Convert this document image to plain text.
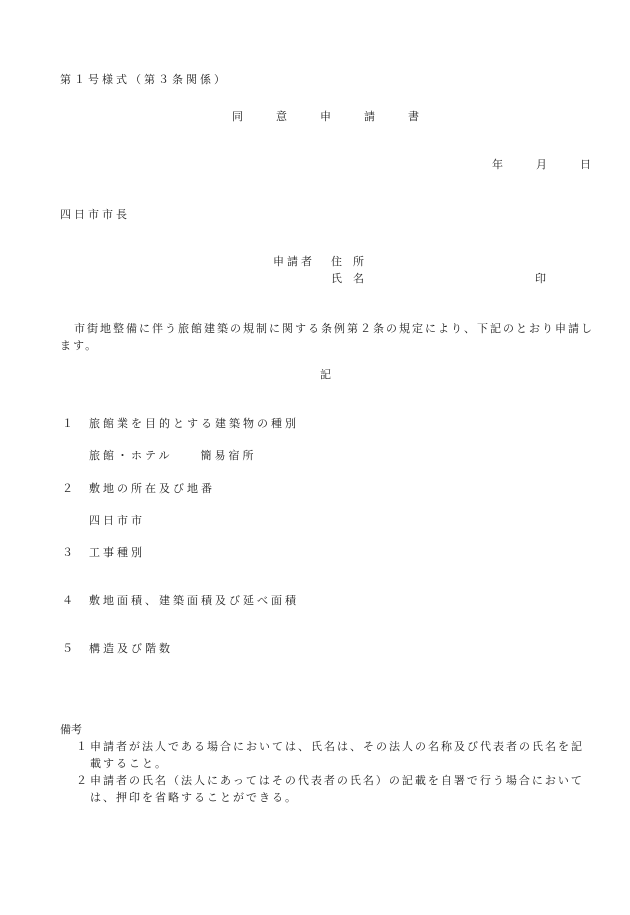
第１号様式（第３条関係）
同	意	申	請	書
年	月	日
四日市市長
申請者 住　所
氏　名	印
市街地整備に伴う旅館建築の規制に関する条例第２条の規定により、下記のとおり申請します。
記
１ 旅館業を目的とする建築物の種別
旅館・ホテル　　簡易宿所
２ 敷地の所在及び地番
四日市市
３ 工事種別
４ 敷地面積、建築面積及び延べ面積
５ 構造及び階数
備考
１ 申請者が法人である場合においては、氏名は、その法人の名称及び代表者の氏名を記載すること。
２ 申請者の氏名（法人にあってはその代表者の氏名）の記載を自署で行う場合においては、押印を省略することができる。
